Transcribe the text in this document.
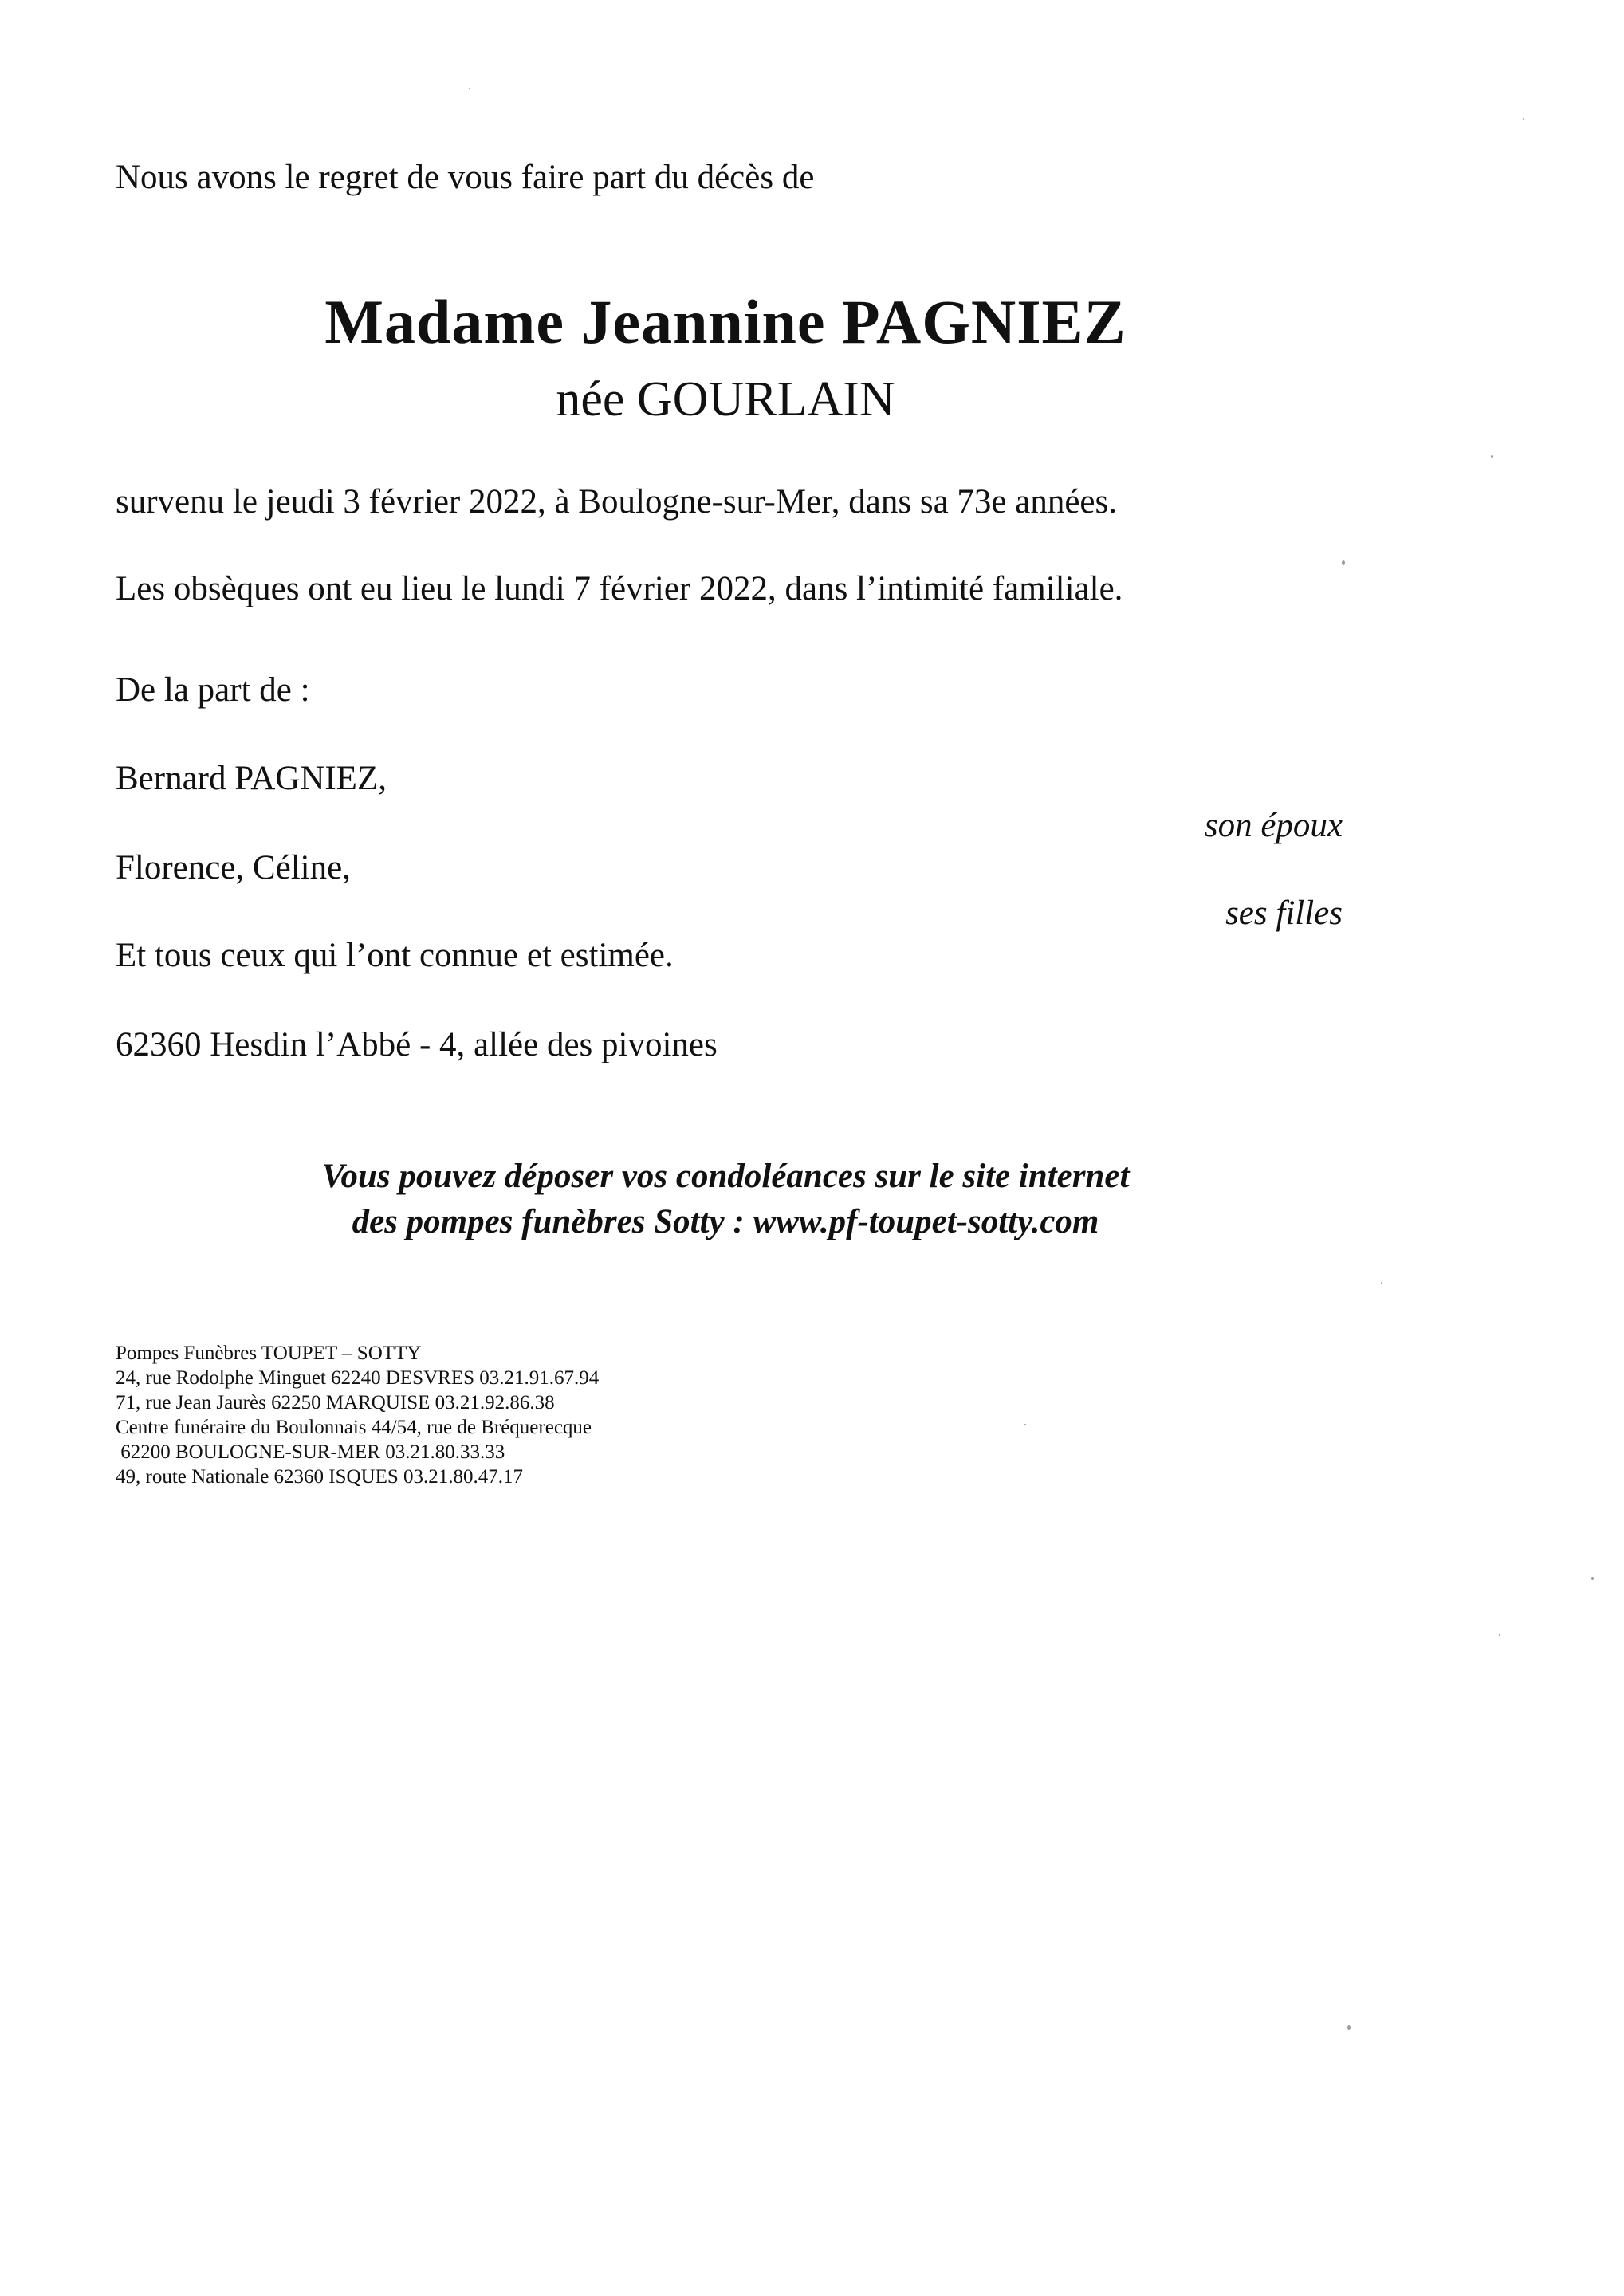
Nous avons le regret de vous faire part du décès de
Madame Jeannine PAGNIEZ
née GOURLAIN
survenu le jeudi 3 février 2022, à Boulogne-sur-Mer, dans sa 73e années.
Les obsèques ont eu lieu le lundi 7 février 2022, dans l’intimité familiale.
De la part de :
Bernard PAGNIEZ,
son époux
Florence, Céline,
ses filles
Et tous ceux qui l’ont connue et estimée.
62360 Hesdin l’Abbé - 4, allée des pivoines
Vous pouvez déposer vos condoléances sur le site internet
des pompes funèbres Sotty : www.pf-toupet-sotty.com
Pompes Funèbres TOUPET – SOTTY
24, rue Rodolphe Minguet 62240 DESVRES 03.21.91.67.94
71, rue Jean Jaurès 62250 MARQUISE 03.21.92.86.38
Centre funéraire du Boulonnais 44/54, rue de Bréquerecque
62200 BOULOGNE-SUR-MER 03.21.80.33.33
49, route Nationale 62360 ISQUES 03.21.80.47.17
